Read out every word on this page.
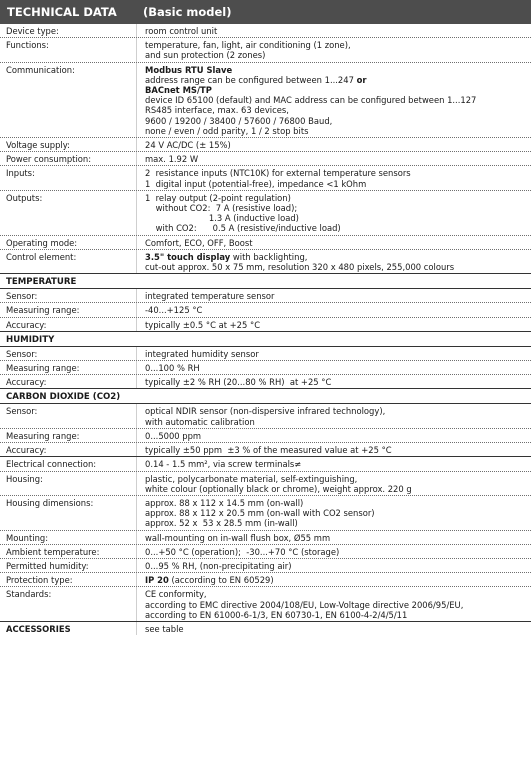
TECHNICAL DATA	(Basic model)
Device type:	room control unit
Functions:	temperature, fan, light, air conditioning (1 zone),
and sun protection (2 zones)
Communication:	Modbus RTU Slave
address range can be configured between 1...247 or
BACnet MS/TP
device ID 65100 (default) and MAC address can be configured between 1...127
RS485 interface, max. 63 devices,
9600 / 19200 / 38400 / 57600 / 76800 Baud,
none / even / odd parity, 1 / 2 stop bits
Voltage supply:	24 V AC/DC (± 15%)
Power consumption:	max. 1.92 W
Inputs:	2  resistance inputs (NTC10K) for external temperature sensors
1  digital input (potential-free), impedance <1 kOhm
Outputs:	1  relay output (2-point regulation)
without CO2:  7 A (resistive load);
1.3 A (inductive load)
with CO2:      0.5 A (resistive/inductive load)
Operating mode:	Comfort, ECO, OFF, Boost
Control element:	3.5" touch display with backlighting,
cut-out approx. 50 x 75 mm, resolution 320 x 480 pixels, 255,000 colours
TEMPERATURE
Sensor:	integrated temperature sensor
Measuring range:	-40...+125 °C
Accuracy:	typically ±0.5 °C at +25 °C
HUMIDITY
Sensor:	integrated humidity sensor
Measuring range:	0...100 % RH
Accuracy:	typically ±2 % RH (20...80 % RH)  at +25 °C
CARBON DIOXIDE (CO2)
Sensor:	optical NDIR sensor (non-dispersive infrared technology),
with automatic calibration
Measuring range:	0...5000 ppm
Accuracy:	typically ±50 ppm  ±3 % of the measured value at +25 °C
Electrical connection:	0.14 - 1.5 mm², via screw terminals≠
Housing:	plastic, polycarbonate material, self-extinguishing,
white colour (optionally black or chrome), weight approx. 220 g
Housing dimensions:	approx. 88 x 112 x 14.5 mm (on-wall)
approx. 88 x 112 x 20.5 mm (on-wall with CO2 sensor)
approx. 52 x  53 x 28.5 mm (in-wall)
Mounting:	wall-mounting on in-wall flush box, Ø55 mm
Ambient temperature:	0...+50 °C (operation);  -30...+70 °C (storage)
Permitted humidity:	0...95 % RH, (non-precipitating air)
Protection type:	IP 20 (according to EN 60529)
Standards:	CE conformity,
according to EMC directive 2004/108/EU, Low-Voltage directive 2006/95/EU,
according to EN 61000-6-1/3, EN 60730-1, EN 6100-4-2/4/5/11
ACCESSORIES	see table
